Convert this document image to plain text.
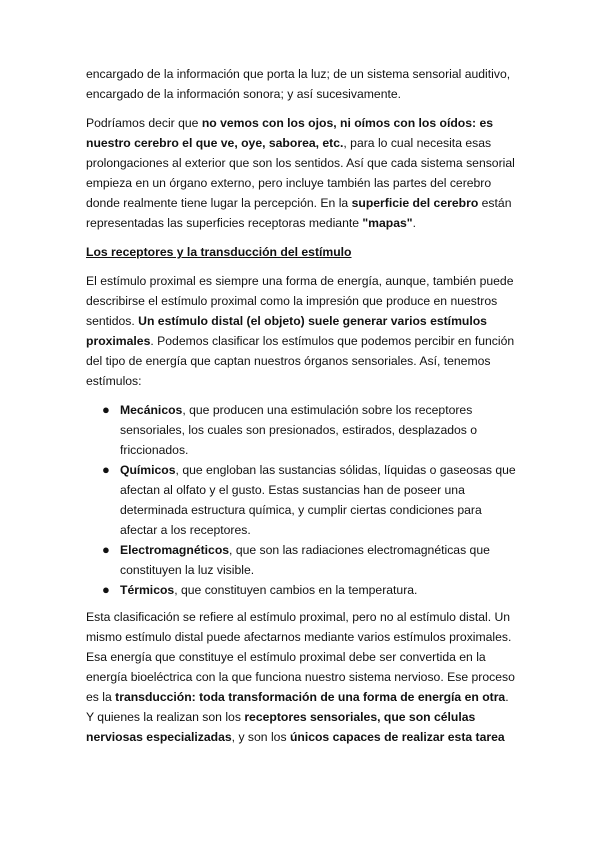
encargado de la información que porta la luz; de un sistema sensorial auditivo, encargado de la información sonora; y así sucesivamente.

Podríamos decir que no vemos con los ojos, ni oímos con los oídos: es nuestro cerebro el que ve, oye, saborea, etc., para lo cual necesita esas prolongaciones al exterior que son los sentidos. Así que cada sistema sensorial empieza en un órgano externo, pero incluye también las partes del cerebro donde realmente tiene lugar la percepción. En la superficie del cerebro están representadas las superficies receptoras mediante "mapas".

Los receptores y la transducción del estímulo

El estímulo proximal es siempre una forma de energía, aunque, también puede describirse el estímulo proximal como la impresión que produce en nuestros sentidos. Un estímulo distal (el objeto) suele generar varios estímulos proximales. Podemos clasificar los estímulos que podemos percibir en función del tipo de energía que captan nuestros órganos sensoriales. Así, tenemos estímulos:

● Mecánicos, que producen una estimulación sobre los receptores sensoriales, los cuales son presionados, estirados, desplazados o friccionados.
● Químicos, que engloban las sustancias sólidas, líquidas o gaseosas que afectan al olfato y el gusto. Estas sustancias han de poseer una determinada estructura química, y cumplir ciertas condiciones para afectar a los receptores.
● Electromagnéticos, que son las radiaciones electromagnéticas que constituyen la luz visible.
● Térmicos, que constituyen cambios en la temperatura.

Esta clasificación se refiere al estímulo proximal, pero no al estímulo distal. Un mismo estímulo distal puede afectarnos mediante varios estímulos proximales. Esa energía que constituye el estímulo proximal debe ser convertida en la energía bioeléctrica con la que funciona nuestro sistema nervioso. Ese proceso es la transducción: toda transformación de una forma de energía en otra. Y quienes la realizan son los receptores sensoriales, que son células nerviosas especializadas, y son los únicos capaces de realizar esta tarea
